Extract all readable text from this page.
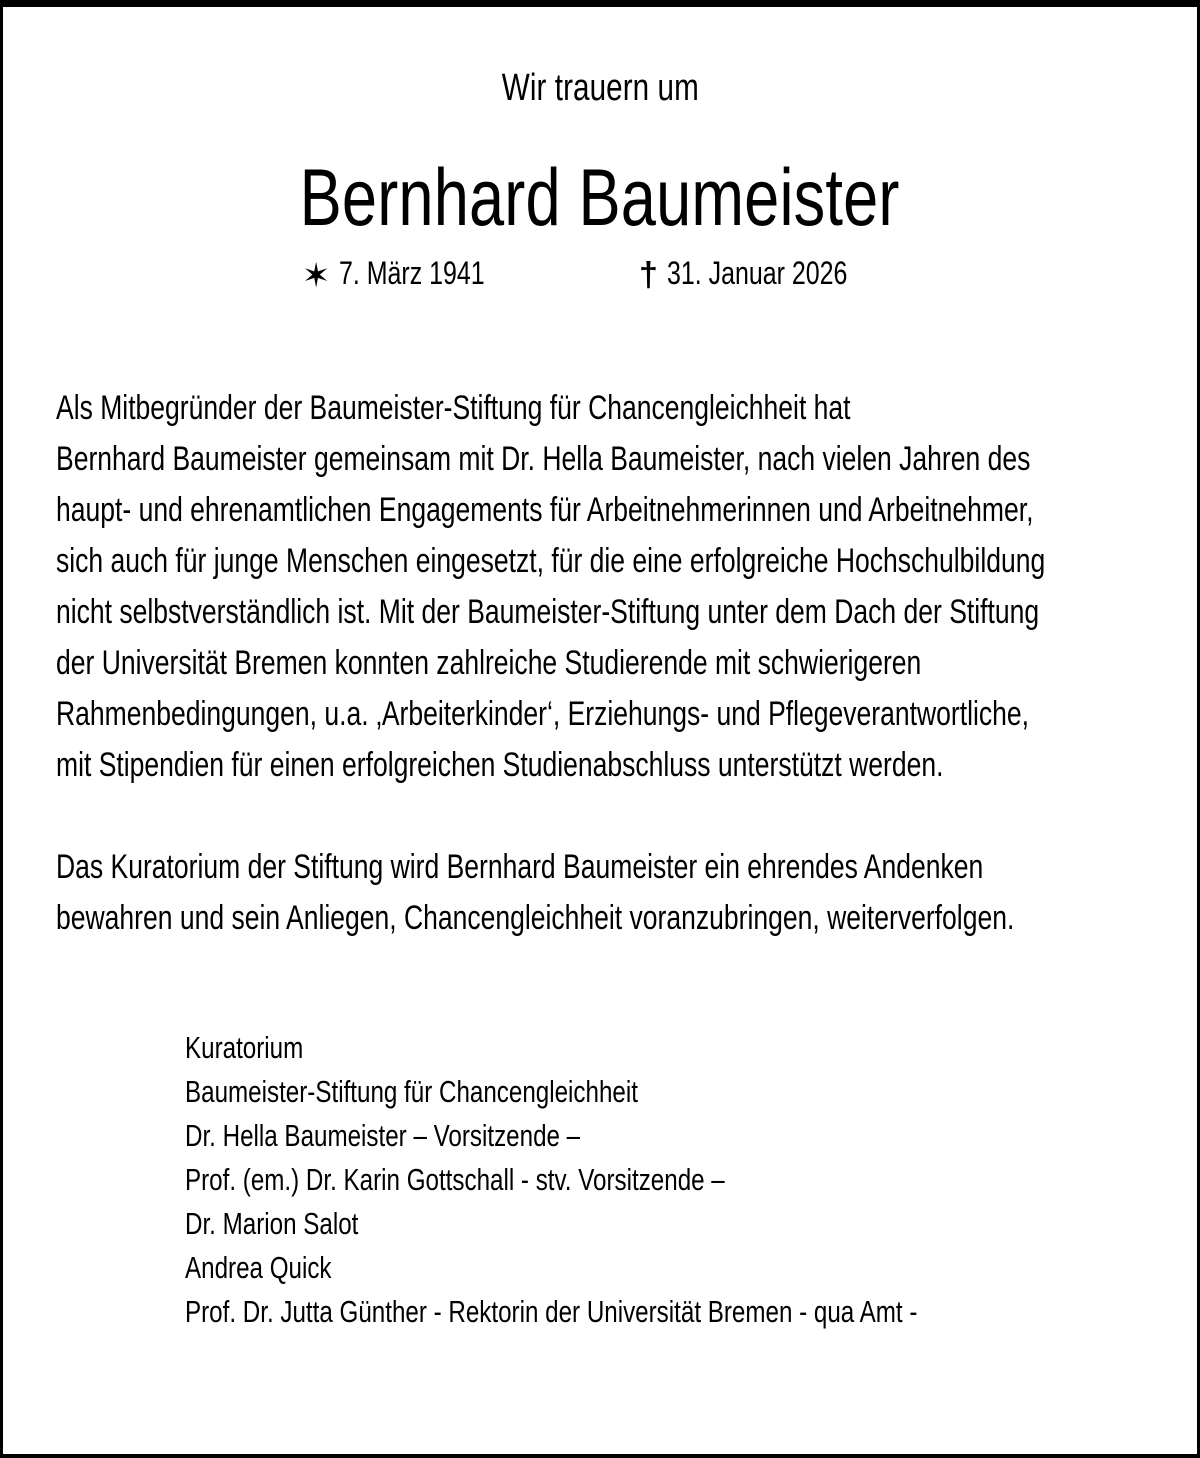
Wir trauern um
Bernhard Baumeister
✶ 7. März 1941	† 31. Januar 2026
Als Mitbegründer der Baumeister-Stiftung für Chancengleichheit hat
Bernhard Baumeister gemeinsam mit Dr. Hella Baumeister, nach vielen Jahren des
haupt- und ehrenamtlichen Engagements für Arbeitnehmerinnen und Arbeitnehmer,
sich auch für junge Menschen eingesetzt, für die eine erfolgreiche Hochschulbildung
nicht selbstverständlich ist. Mit der Baumeister-Stiftung unter dem Dach der Stiftung
der Universität Bremen konnten zahlreiche Studierende mit schwierigeren
Rahmenbedingungen, u.a. ‚Arbeiterkinder‘, Erziehungs- und Pflegeverantwortliche,
mit Stipendien für einen erfolgreichen Studienabschluss unterstützt werden.
Das Kuratorium der Stiftung wird Bernhard Baumeister ein ehrendes Andenken
bewahren und sein Anliegen, Chancengleichheit voranzubringen, weiterverfolgen.
Kuratorium
Baumeister-Stiftung für Chancengleichheit
Dr. Hella Baumeister – Vorsitzende –
Prof. (em.) Dr. Karin Gottschall - stv. Vorsitzende –
Dr. Marion Salot
Andrea Quick
Prof. Dr. Jutta Günther - Rektorin der Universität Bremen - qua Amt -
